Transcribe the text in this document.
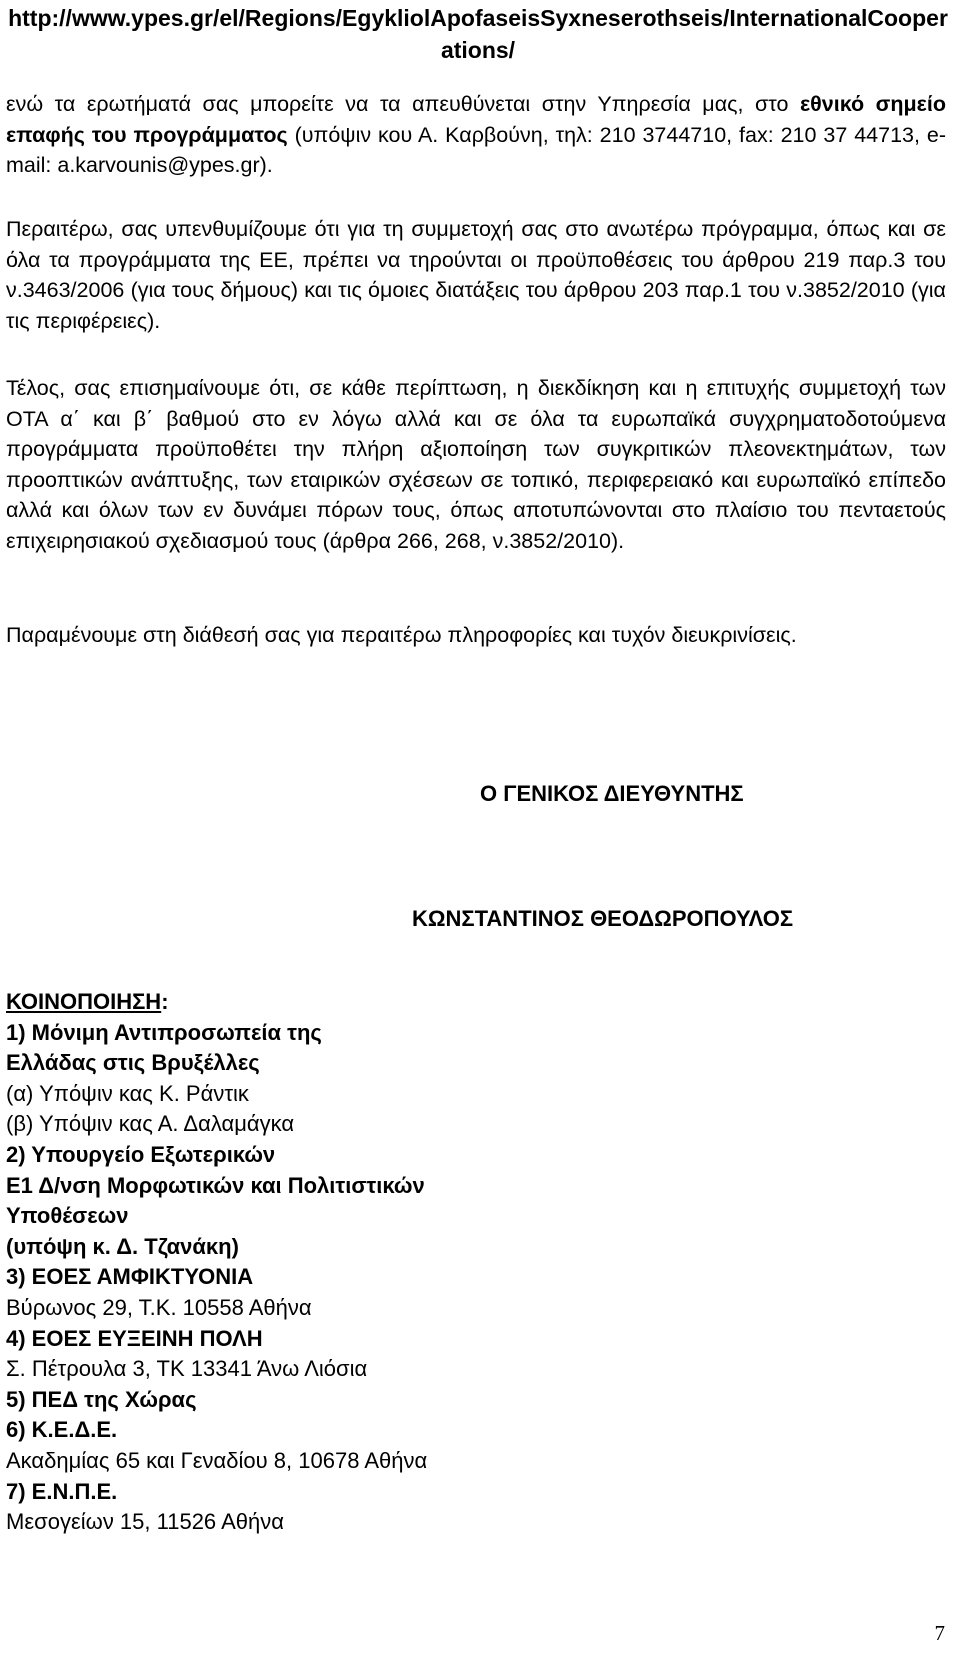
http://www.ypes.gr/el/Regions/EgykliolApofaseisSyxneserothseis/InternationalCooperations/

ενώ τα ερωτήματά σας μπορείτε να τα απευθύνεται στην Υπηρεσία μας, στο εθνικό σημείο επαφής του προγράμματος (υπόψιν κου Α. Καρβούνη, τηλ: 210 3744710, fax: 210 37 44713, e-mail: a.karvounis@ypes.gr).

Περαιτέρω, σας υπενθυμίζουμε ότι για τη συμμετοχή σας στο ανωτέρω πρόγραμμα, όπως και σε όλα τα προγράμματα της ΕΕ, πρέπει να τηρούνται οι προϋποθέσεις του άρθρου 219 παρ.3 του ν.3463/2006 (για τους δήμους) και τις όμοιες διατάξεις του άρθρου 203 παρ.1 του ν.3852/2010 (για τις περιφέρειες).

Τέλος, σας επισημαίνουμε ότι, σε κάθε περίπτωση, η διεκδίκηση και η επιτυχής συμμετοχή των ΟΤΑ α΄ και β΄ βαθμού στο εν λόγω αλλά και σε όλα τα ευρωπαϊκά συγχρηματοδοτούμενα προγράμματα προϋποθέτει την πλήρη αξιοποίηση των συγκριτικών πλεονεκτημάτων, των προοπτικών ανάπτυξης, των εταιρικών σχέσεων σε τοπικό, περιφερειακό και ευρωπαϊκό επίπεδο αλλά και όλων των εν δυνάμει πόρων τους, όπως αποτυπώνονται στο πλαίσιο του πενταετούς επιχειρησιακού σχεδιασμού τους (άρθρα 266, 268, ν.3852/2010).

Παραμένουμε στη διάθεσή σας για περαιτέρω πληροφορίες και τυχόν διευκρινίσεις.

Ο ΓΕΝΙΚΟΣ ΔΙΕΥΘΥΝΤΗΣ
ΚΩΝΣΤΑΝΤΙΝΟΣ ΘΕΟΔΩΡΟΠΟΥΛΟΣ
ΚΟΙΝΟΠΟΙΗΣΗ:
1) Μόνιμη Αντιπροσωπεία της
Ελλάδας στις Βρυξέλλες
(α) Υπόψιν κας Κ. Ράντικ
(β) Υπόψιν κας Α. Δαλαμάγκα
2) Υπουργείο Εξωτερικών
Ε1 Δ/νση Μορφωτικών και Πολιτιστικών
Υποθέσεων
(υπόψη κ. Δ. Τζανάκη)
3) ΕΟΕΣ ΑΜΦΙΚΤΥΟΝΙΑ
Βύρωνος 29, Τ.Κ. 10558 Αθήνα
4) ΕΟΕΣ ΕΥΞΕΙΝΗ ΠΟΛΗ
Σ. Πέτρουλα 3, ΤΚ 13341 Άνω Λιόσια
5) ΠΕΔ της Χώρας
6) Κ.Ε.Δ.Ε.
Ακαδημίας 65 και Γεναδίου 8, 10678 Αθήνα
7) Ε.Ν.Π.Ε.
Μεσογείων 15, 11526 Αθήνα
7
